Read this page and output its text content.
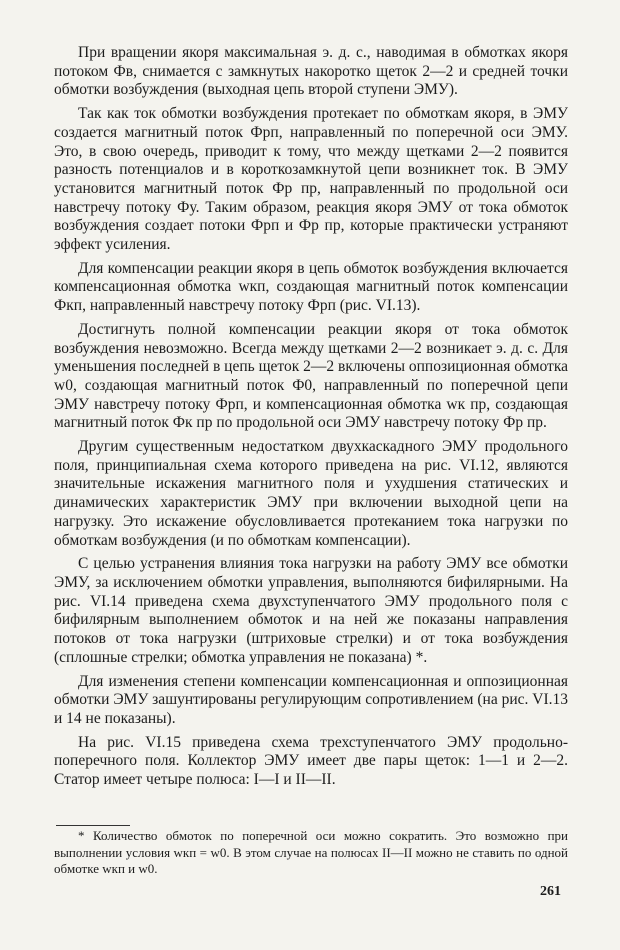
При вращении якоря максимальная э. д. с., наводимая в обмотках якоря потоком Фв, снимается с замкнутых накоротко щеток 2—2 и средней точки обмотки возбуждения (выходная цепь второй ступени ЭМУ).

Так как ток обмотки возбуждения протекает по обмоткам якоря, в ЭМУ создается магнитный поток Фрп, направленный по поперечной оси ЭМУ. Это, в свою очередь, приводит к тому, что между щетками 2—2 появится разность потенциалов и в короткозамкнутой цепи возникнет ток. В ЭМУ установится магнитный поток Фр пр, направленный по продольной оси навстречу потоку Фу. Таким образом, реакция якоря ЭМУ от тока обмоток возбуждения создает потоки Фрп и Фр пр, которые практически устраняют эффект усиления.

Для компенсации реакции якоря в цепь обмоток возбуждения включается компенсационная обмотка wкп, создающая магнитный поток компенсации Фкп, направленный навстречу потоку Фрп (рис. VI.13).

Достигнуть полной компенсации реакции якоря от тока обмоток возбуждения невозможно. Всегда между щетками 2—2 возникает э. д. с. Для уменьшения последней в цепь щеток 2—2 включены оппозиционная обмотка w0, создающая магнитный поток Ф0, направленный по поперечной цепи ЭМУ навстречу потоку Фрп, и компенсационная обмотка wк пр, создающая магнитный поток Фк пр по продольной оси ЭМУ навстречу потоку Фр пр.

Другим существенным недостатком двухкаскадного ЭМУ продольного поля, принципиальная схема которого приведена на рис. VI.12, являются значительные искажения магнитного поля и ухудшения статических и динамических характеристик ЭМУ при включении выходной цепи на нагрузку. Это искажение обусловливается протеканием тока нагрузки по обмоткам возбуждения (и по обмоткам компенсации).

С целью устранения влияния тока нагрузки на работу ЭМУ все обмотки ЭМУ, за исключением обмотки управления, выполняются бифилярными. На рис. VI.14 приведена схема двухступенчатого ЭМУ продольного поля с бифилярным выполнением обмоток и на ней же показаны направления потоков от тока нагрузки (штриховые стрелки) и от тока возбуждения (сплошные стрелки; обмотка управления не показана) *.

Для изменения степени компенсации компенсационная и оппозиционная обмотки ЭМУ зашунтированы регулирующим сопротивлением (на рис. VI.13 и 14 не показаны).

На рис. VI.15 приведена схема трехступенчатого ЭМУ продольно-поперечного поля. Коллектор ЭМУ имеет две пары щеток: 1—1 и 2—2. Статор имеет четыре полюса: I—I и II—II.

* Количество обмоток по поперечной оси можно сократить. Это возможно при выполнении условия wкп = w0. В этом случае на полюсах II—II можно не ставить по одной обмотке wкп и w0.

261
